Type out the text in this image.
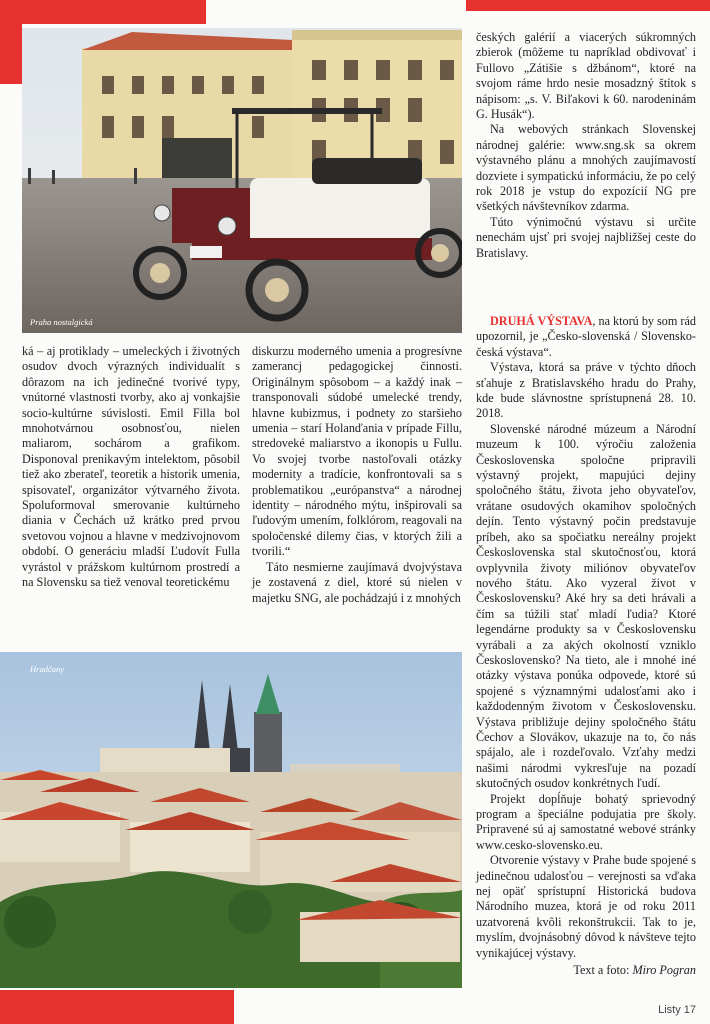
Praha nostalgická
Hradčany

ká – aj protiklady – umeleckých i životných osudov dvoch výrazných individualít s dôrazom na ich jedinečné tvorivé typy, vnútorné vlastnosti tvorby, ako aj vonkajšie socio-kultúrne súvislosti. Emil Filla bol mnohotvárnou osobnosťou, nielen maliarom, sochárom a grafikom. Disponoval prenikavým intelektom, pôsobil tiež ako zberateľ, teoretik a historik umenia, spisovateľ, organizátor výtvarného života. Spoluformoval smerovanie kultúrneho diania v Čechách už krátko pred prvou svetovou vojnou a hlavne v medzivojnovom období. O generáciu mladší Ľudovít Fulla vyrástol v prážskom kultúrnom prostredí a na Slovensku sa tiež venoval teoretickému

diskurzu moderného umenia a progresívne zamerancj pedagogickej činnosti. Originálnym spôsobom – a každý inak – transponovali súdobé umelecké trendy, hlavne kubizmus, i podnety zo staršieho umenia – starí Holanďania v prípade Fillu, stredoveké maliarstvo a ikonopis u Fullu. Vo svojej tvorbe nastoľovali otázky modernity a tradície, konfrontovali sa s problematikou „európanstva“ a národnej identity – národného mýtu, inšpirovali sa ľudovým umením, folklórom, reagovali na spoločenské dilemy čias, v ktorých žili a tvorili.“

Táto nesmierne zaujímavá dvojvýstava je zostavená z diel, ktoré sú nielen v majetku SNG, ale pochádzajú i z mnohých

českých galérií a viacerých súkromných zbierok (môžeme tu napríklad obdivovať i Fullovo „Zátišie s džbánom“, ktoré na svojom ráme hrdo nesie mosadzný štítok s nápisom: „s. V. Biľakovi k 60. narodeninám G. Husák“).

Na webových stránkach Slovenskej národnej galérie: www.sng.sk sa okrem výstavného plánu a mnohých zaujímavostí dozviete i sympatickú informáciu, že po celý rok 2018 je vstup do expozícií NG pre všetkých návštevníkov zdarma.

Túto výnimočnú výstavu si určite nenechám ujsť pri svojej najbližšej ceste do Bratislavy.

DRUHÁ VÝSTAVA, na ktorú by som rád upozornil, je „Česko-slovenská / Slovensko-česká výstava“.

Výstava, ktorá sa práve v týchto dňoch sťahuje z Bratislavského hradu do Prahy, kde bude slávnostne sprístupnená 28. 10. 2018.

Slovenské národné múzeum a Národní muzeum k 100. výročiu založenia Československa spoločne pripravili výstavný projekt, mapujúci dejiny spoločného štátu, života jeho obyvateľov, vrátane osudových okamihov spoločných dejín. Tento výstavný počin predstavuje príbeh, ako sa spočiatku nereálny projekt Československa stal skutočnosťou, ktorá ovplyvnila životy miliónov obyvateľov nového štátu. Ako vyzeral život v Československu? Aké hry sa deti hrávali a čím sa túžili stať mladí ľudia? Ktoré legendárne produkty sa v Československu vyrábali a za akých okolností vzniklo Československo? Na tieto, ale i mnohé iné otázky výstava ponúka odpovede, ktoré sú spojené s významnými udalosťami ako i každodenným životom v Československu. Výstava približuje dejiny spoločného štátu Čechov a Slovákov, ukazuje na to, čo nás spájalo, ale i rozdeľovalo. Vzťahy medzi našimi národmi vykresľuje na pozadí skutočných osudov konkrétnych ľudí.

Projekt dopĺňuje bohatý sprievodný program a špeciálne podujatia pre školy. Pripravené sú aj samostatné webové stránky www.cesko-slovensko.eu.

Otvorenie výstavy v Prahe bude spojené s jedinečnou udalosťou – verejnosti sa vďaka nej opäť sprístupní Historická budova Národního muzea, ktorá je od roku 2011 uzatvorená kvôli rekonštrukcii. Tak to je, myslím, dvojnásobný dôvod k návšteve tejto vynikajúcej výstavy.

Text a foto: Miro Pogran
Listy 17
